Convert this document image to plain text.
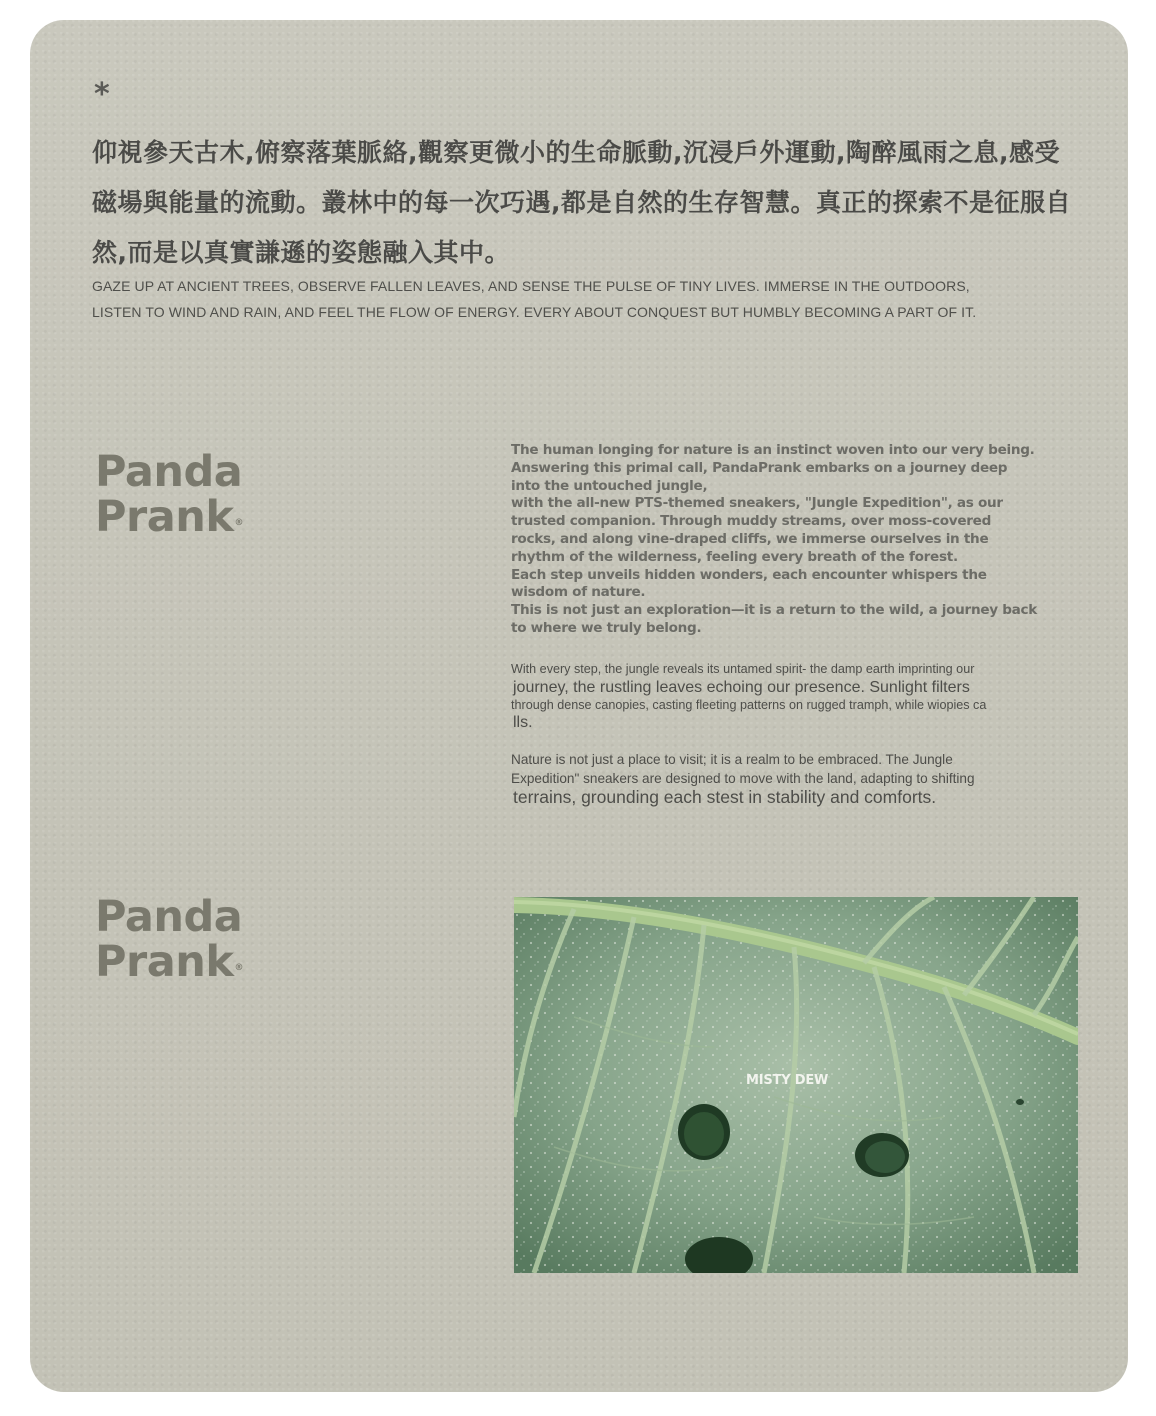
*

仰視參天古木,俯察落葉脈絡,觀察更微小的生命脈動,沉浸戶外運動,陶醉風雨之息,感受磁場與能量的流動。叢林中的每一次巧遇,都是自然的生存智慧。真正的探索不是征服自然,而是以真實謙遜的姿態融入其中。

GAZE UP AT ANCIENT TREES, OBSERVE FALLEN LEAVES, AND SENSE THE PULSE OF TINY LIVES. IMMERSE IN THE OUTDOORS,
LISTEN TO WIND AND RAIN, AND FEEL THE FLOW OF ENERGY. EVERY ABOUT CONQUEST BUT HUMBLY BECOMING A PART OF IT.

Panda
Prank®
The human longing for nature is an instinct woven into our very being.
Answering this primal call, PandaPrank embarks on a journey deep
into the untouched jungle,
with the all-new PTS-themed sneakers, "Jungle Expedition", as our
trusted companion. Through muddy streams, over moss-covered
rocks, and along vine-draped cliffs, we immerse ourselves in the
rhythm of the wilderness, feeling every breath of the forest.
Each step unveils hidden wonders, each encounter whispers the
wisdom of nature.
This is not just an exploration—it is a return to the wild, a journey back
to where we truly belong.
With every step, the jungle reveals its untamed spirit- the damp earth imprinting our
journey, the rustling leaves echoing our presence. Sunlight filters
through dense canopies, casting fleeting patterns on rugged tramph, while wiopies ca
lls.
Nature is not just a place to visit; it is a realm to be embraced. The Jungle
Expedition" sneakers are designed to move with the land, adapting to shifting
terrains, grounding each stest in stability and comforts.
Panda
Prank®
MISTY DEW
